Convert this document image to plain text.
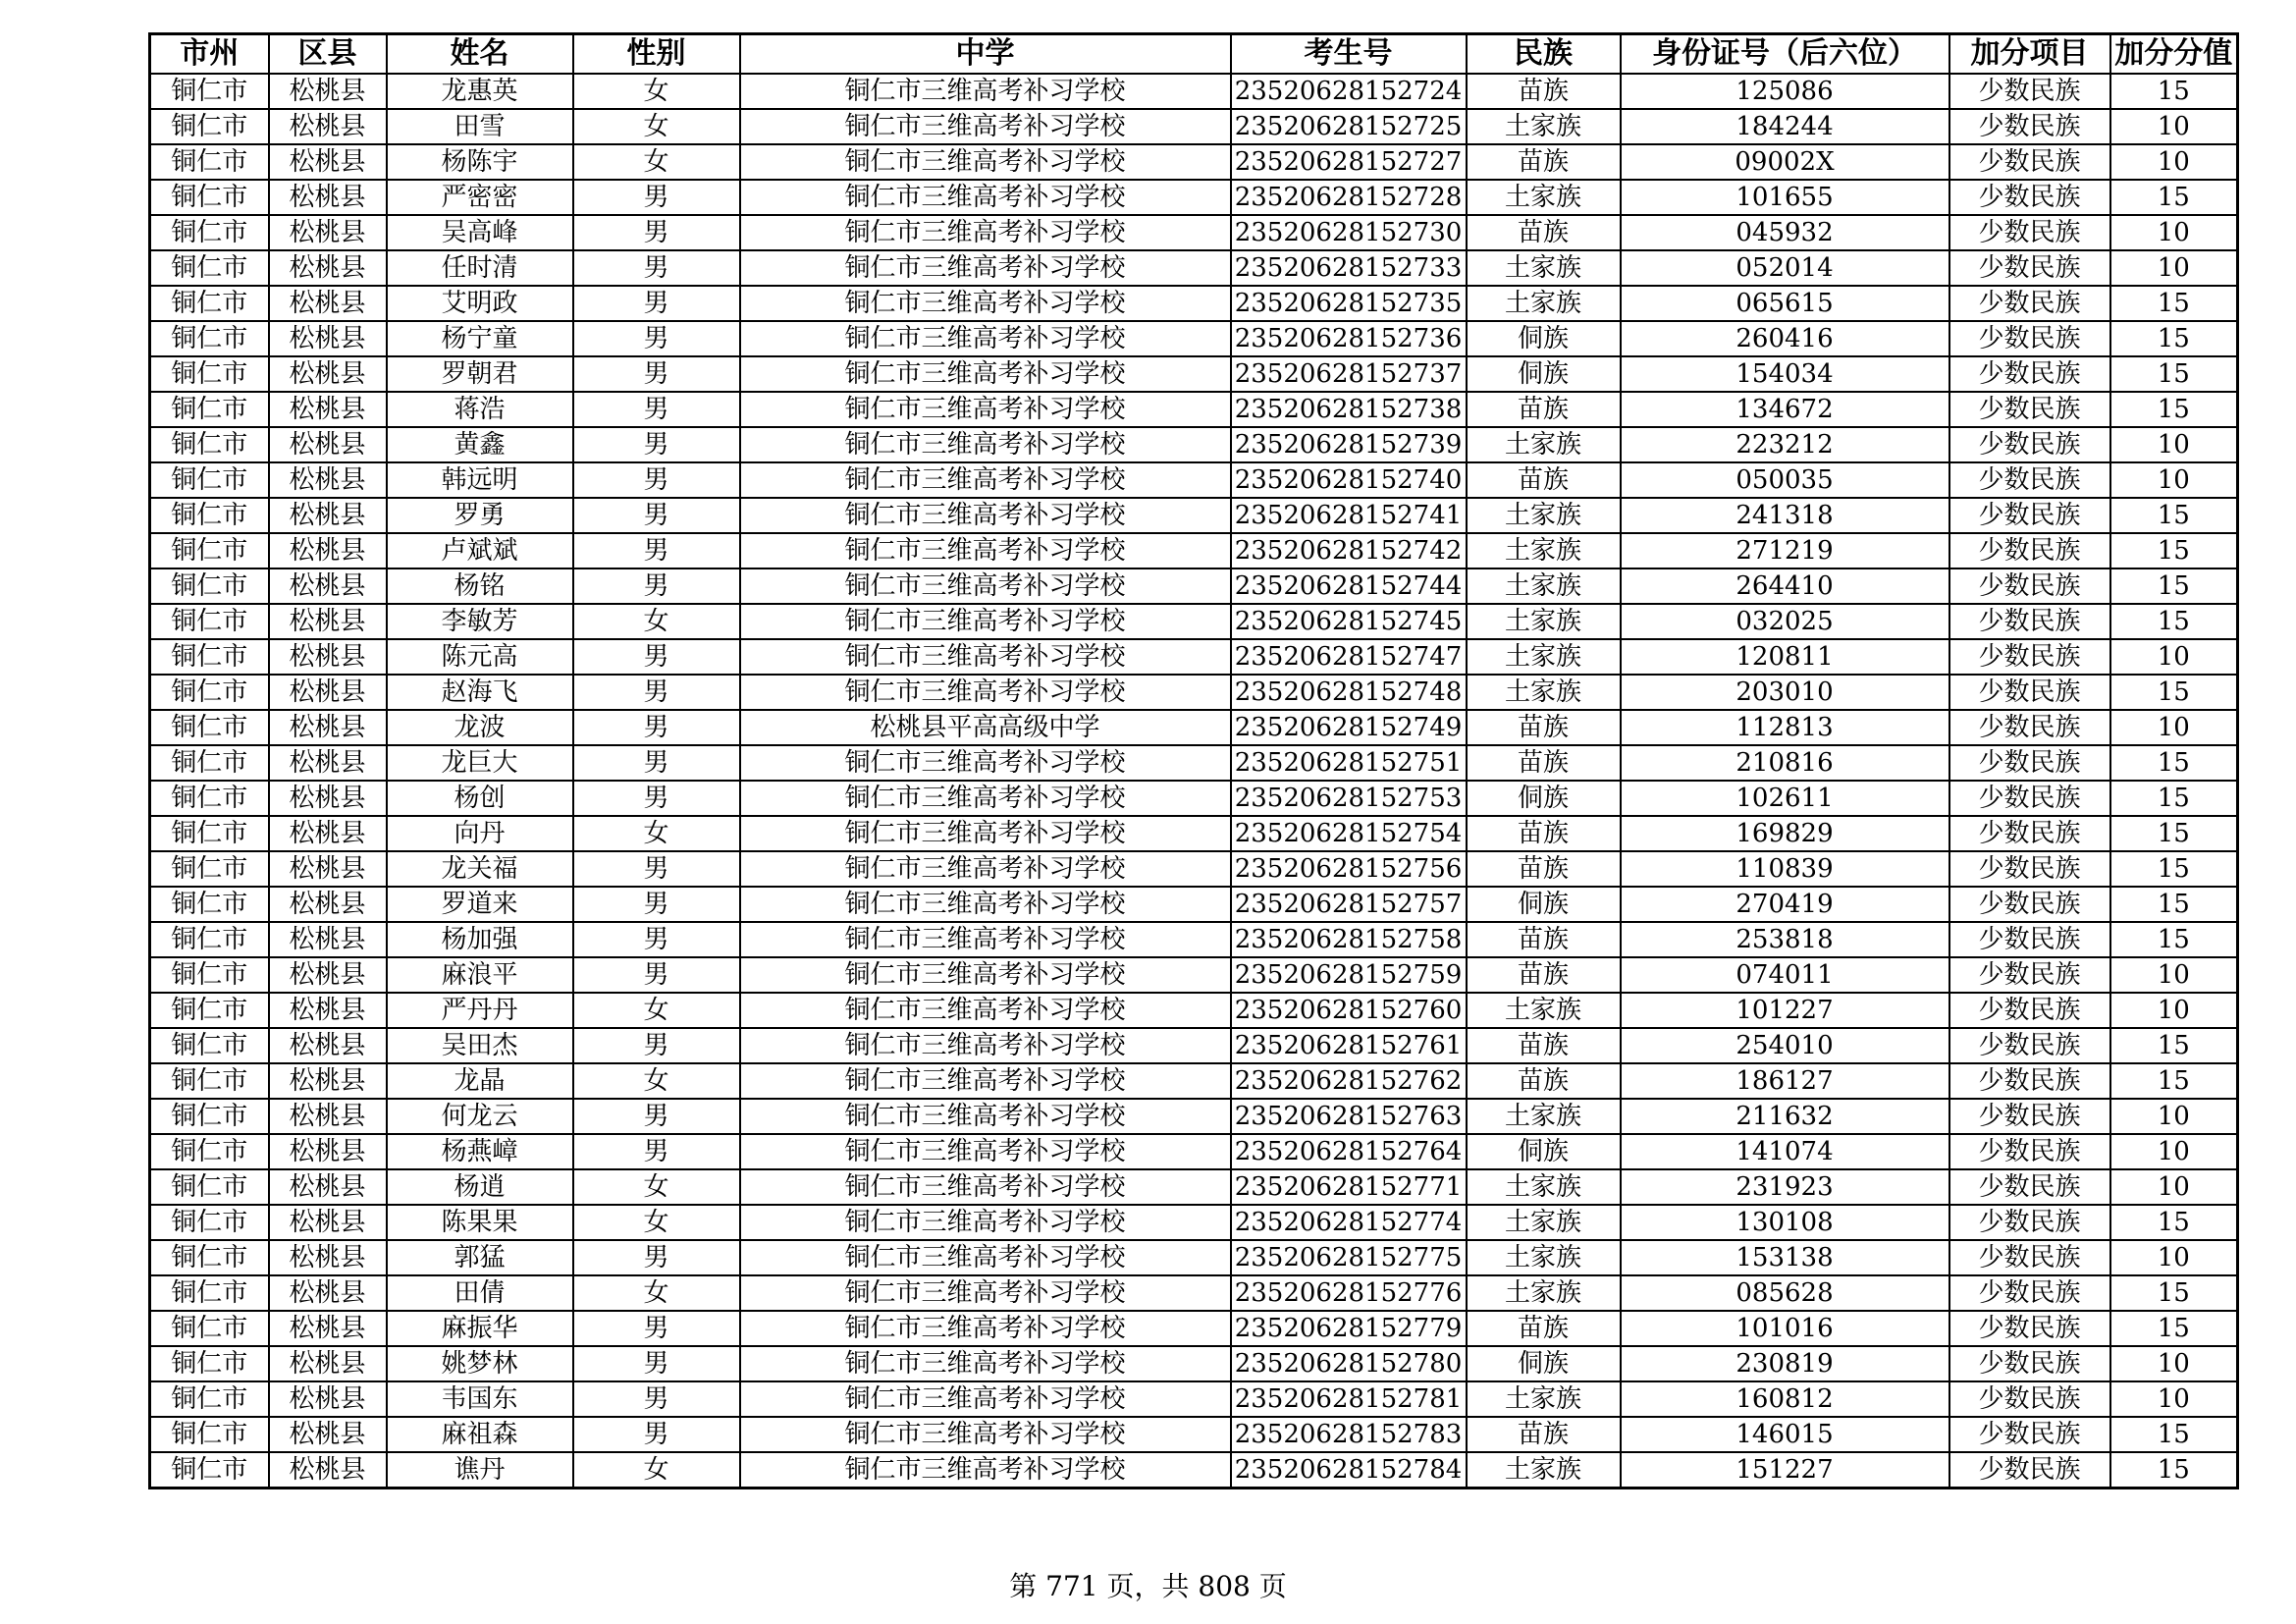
市州	区县	姓名	性别	中学	考生号	民族	身份证号（后六位）	加分项目	加分分值
铜仁市	松桃县	龙惠英	女	铜仁市三维高考补习学校	23520628152724	苗族	125086	少数民族	15
铜仁市	松桃县	田雪	女	铜仁市三维高考补习学校	23520628152725	土家族	184244	少数民族	10
铜仁市	松桃县	杨陈宇	女	铜仁市三维高考补习学校	23520628152727	苗族	09002X	少数民族	10
铜仁市	松桃县	严密密	男	铜仁市三维高考补习学校	23520628152728	土家族	101655	少数民族	15
铜仁市	松桃县	吴高峰	男	铜仁市三维高考补习学校	23520628152730	苗族	045932	少数民族	10
铜仁市	松桃县	任时清	男	铜仁市三维高考补习学校	23520628152733	土家族	052014	少数民族	10
铜仁市	松桃县	艾明政	男	铜仁市三维高考补习学校	23520628152735	土家族	065615	少数民族	15
铜仁市	松桃县	杨宁童	男	铜仁市三维高考补习学校	23520628152736	侗族	260416	少数民族	15
铜仁市	松桃县	罗朝君	男	铜仁市三维高考补习学校	23520628152737	侗族	154034	少数民族	15
铜仁市	松桃县	蒋浩	男	铜仁市三维高考补习学校	23520628152738	苗族	134672	少数民族	15
铜仁市	松桃县	黄鑫	男	铜仁市三维高考补习学校	23520628152739	土家族	223212	少数民族	10
铜仁市	松桃县	韩远明	男	铜仁市三维高考补习学校	23520628152740	苗族	050035	少数民族	10
铜仁市	松桃县	罗勇	男	铜仁市三维高考补习学校	23520628152741	土家族	241318	少数民族	15
铜仁市	松桃县	卢斌斌	男	铜仁市三维高考补习学校	23520628152742	土家族	271219	少数民族	15
铜仁市	松桃县	杨铭	男	铜仁市三维高考补习学校	23520628152744	土家族	264410	少数民族	15
铜仁市	松桃县	李敏芳	女	铜仁市三维高考补习学校	23520628152745	土家族	032025	少数民族	15
铜仁市	松桃县	陈元高	男	铜仁市三维高考补习学校	23520628152747	土家族	120811	少数民族	10
铜仁市	松桃县	赵海飞	男	铜仁市三维高考补习学校	23520628152748	土家族	203010	少数民族	15
铜仁市	松桃县	龙波	男	松桃县平高高级中学	23520628152749	苗族	112813	少数民族	10
铜仁市	松桃县	龙巨大	男	铜仁市三维高考补习学校	23520628152751	苗族	210816	少数民族	15
铜仁市	松桃县	杨创	男	铜仁市三维高考补习学校	23520628152753	侗族	102611	少数民族	15
铜仁市	松桃县	向丹	女	铜仁市三维高考补习学校	23520628152754	苗族	169829	少数民族	15
铜仁市	松桃县	龙关福	男	铜仁市三维高考补习学校	23520628152756	苗族	110839	少数民族	15
铜仁市	松桃县	罗道来	男	铜仁市三维高考补习学校	23520628152757	侗族	270419	少数民族	15
铜仁市	松桃县	杨加强	男	铜仁市三维高考补习学校	23520628152758	苗族	253818	少数民族	15
铜仁市	松桃县	麻浪平	男	铜仁市三维高考补习学校	23520628152759	苗族	074011	少数民族	10
铜仁市	松桃县	严丹丹	女	铜仁市三维高考补习学校	23520628152760	土家族	101227	少数民族	10
铜仁市	松桃县	吴田杰	男	铜仁市三维高考补习学校	23520628152761	苗族	254010	少数民族	15
铜仁市	松桃县	龙晶	女	铜仁市三维高考补习学校	23520628152762	苗族	186127	少数民族	15
铜仁市	松桃县	何龙云	男	铜仁市三维高考补习学校	23520628152763	土家族	211632	少数民族	10
铜仁市	松桃县	杨燕嶂	男	铜仁市三维高考补习学校	23520628152764	侗族	141074	少数民族	10
铜仁市	松桃县	杨逍	女	铜仁市三维高考补习学校	23520628152771	土家族	231923	少数民族	10
铜仁市	松桃县	陈果果	女	铜仁市三维高考补习学校	23520628152774	土家族	130108	少数民族	15
铜仁市	松桃县	郭猛	男	铜仁市三维高考补习学校	23520628152775	土家族	153138	少数民族	10
铜仁市	松桃县	田倩	女	铜仁市三维高考补习学校	23520628152776	土家族	085628	少数民族	15
铜仁市	松桃县	麻振华	男	铜仁市三维高考补习学校	23520628152779	苗族	101016	少数民族	15
铜仁市	松桃县	姚梦林	男	铜仁市三维高考补习学校	23520628152780	侗族	230819	少数民族	10
铜仁市	松桃县	韦国东	男	铜仁市三维高考补习学校	23520628152781	土家族	160812	少数民族	10
铜仁市	松桃县	麻祖森	男	铜仁市三维高考补习学校	23520628152783	苗族	146015	少数民族	15
铜仁市	松桃县	谯丹	女	铜仁市三维高考补习学校	23520628152784	土家族	151227	少数民族	15
第 771 页，共 808 页
